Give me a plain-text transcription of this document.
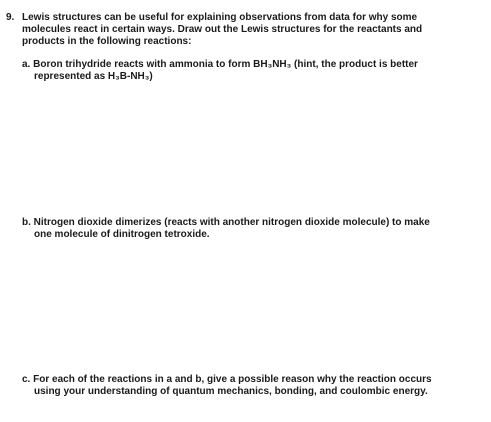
9. Lewis structures can be useful for explaining observations from data for why some
molecules react in certain ways. Draw out the Lewis structures for the reactants and
products in the following reactions:
a. Boron trihydride reacts with ammonia to form BH₃NH₃ (hint, the product is better
represented as H₃B-NH₃)
b. Nitrogen dioxide dimerizes (reacts with another nitrogen dioxide molecule) to make
one molecule of dinitrogen tetroxide.
c. For each of the reactions in a and b, give a possible reason why the reaction occurs
using your understanding of quantum mechanics, bonding, and coulombic energy.
